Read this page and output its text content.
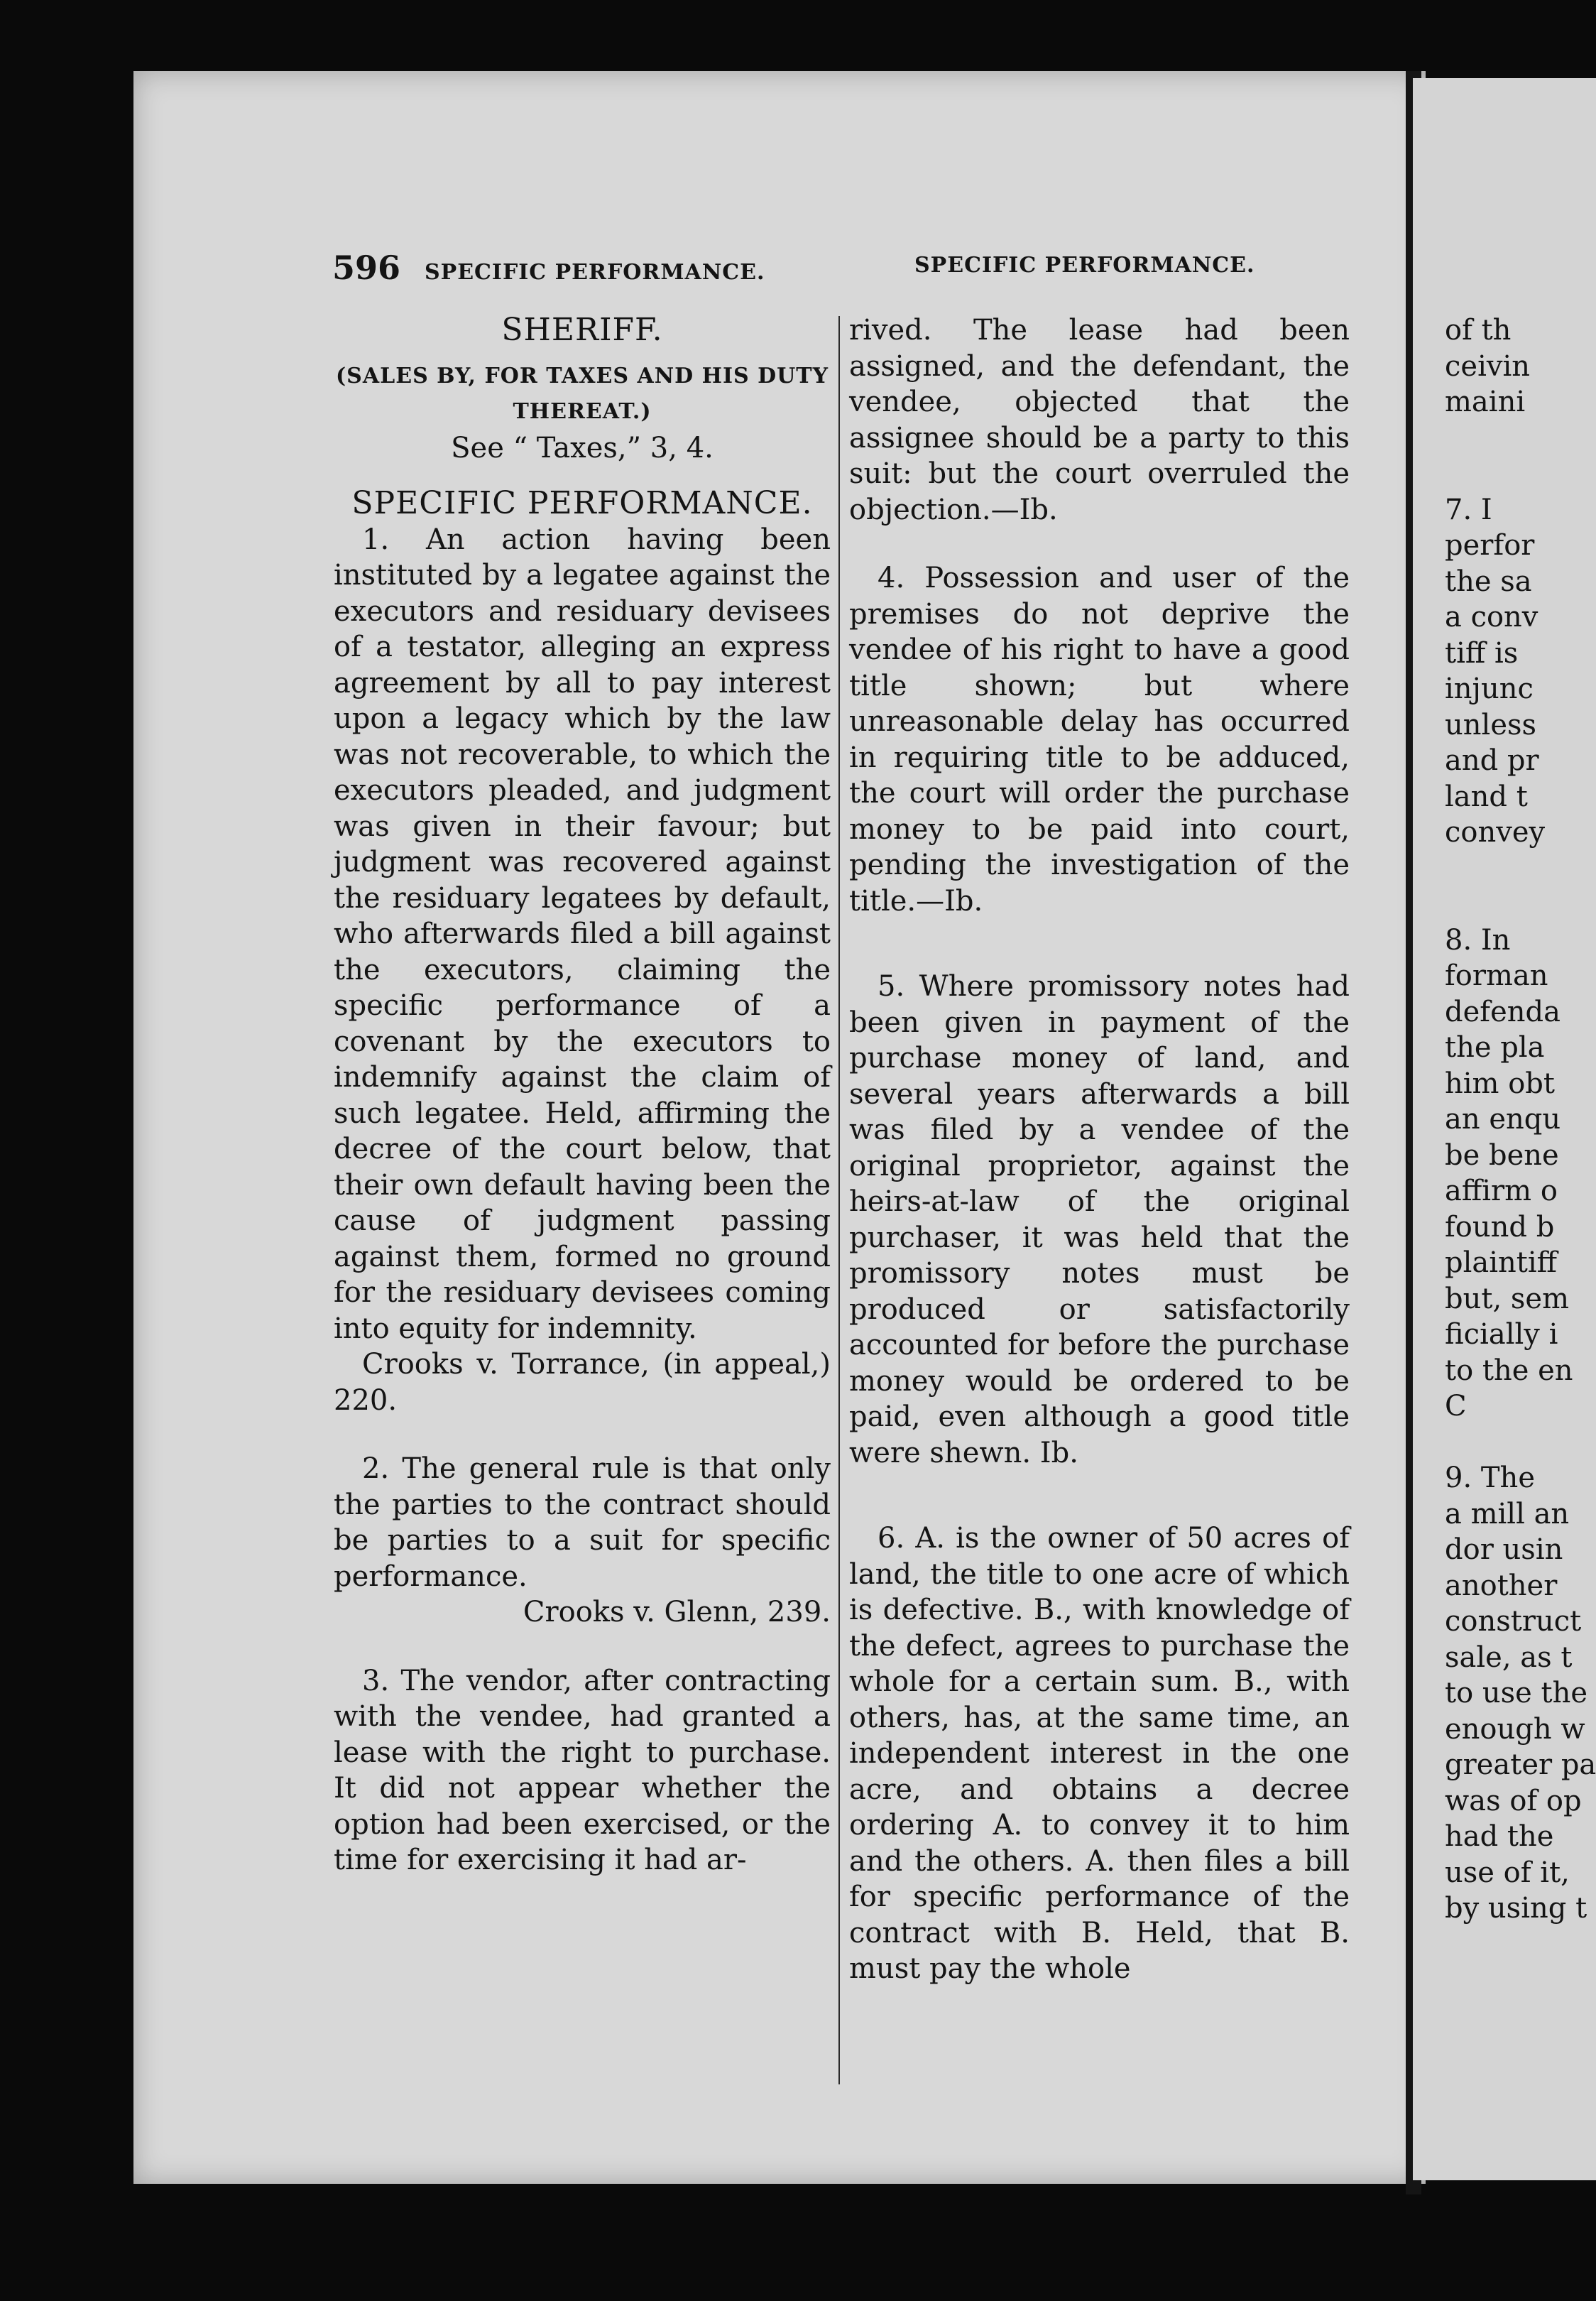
596 SPECIFIC PERFORMANCE.	SPECIFIC PERFORMANCE.

SHERIFF.

(SALES BY, FOR TAXES AND HIS DUTY THEREAT.)

See “ Taxes,” 3, 4.

SPECIFIC PERFORMANCE.

1. An action having been instituted by a legatee against the executors and residuary devisees of a testator, alleging an express agreement by all to pay interest upon a legacy which by the law was not recoverable, to which the executors pleaded, and judgment was given in their favour; but judgment was recovered against the residuary legatees by default, who afterwards filed a bill against the executors, claiming the specific performance of a covenant by the executors to indemnify against the claim of such legatee. Held, affirming the decree of the court below, that their own default having been the cause of judgment passing against them, formed no ground for the residuary devisees coming into equity for indemnity.

Crooks v. Torrance, (in appeal,) 220.

2. The general rule is that only the parties to the contract should be parties to a suit for specific performance.

Crooks v. Glenn, 239.

3. The vendor, after contracting with the vendee, had granted a lease with the right to purchase. It did not appear whether the option had been exercised, or the time for exercising it had ar-

rived. The lease had been assigned, and the defendant, the vendee, objected that the assignee should be a party to this suit: but the court overruled the objection.—Ib.

4. Possession and user of the premises do not deprive the vendee of his right to have a good title shown; but where unreasonable delay has occurred in requiring title to be adduced, the court will order the purchase money to be paid into court, pending the investigation of the title.—Ib.

5. Where promissory notes had been given in payment of the purchase money of land, and several years afterwards a bill was filed by a vendee of the original proprietor, against the heirs-at-law of the original purchaser, it was held that the promissory notes must be produced or satisfactorily accounted for before the purchase money would be ordered to be paid, even although a good title were shewn. Ib.

6. A. is the owner of 50 acres of land, the title to one acre of which is defective. B., with knowledge of the defect, agrees to purchase the whole for a certain sum. B., with others, has, at the same time, an independent interest in the one acre, and obtains a decree ordering A. to convey it to him and the others. A. then files a bill for specific performance of the contract with B. Held, that B. must pay the whole

of th
ceivin
maini
7. I
perfor
the sa
a conv
tiff is
injunc
unless
and pr
land t
convey
8. In
forman
defenda
the pla
him obt
an enqu
be bene
affirm o
found b
plaintiff
but, sem
ficially i
to the en
C
9. The
a mill an
dor usin
another
construct
sale, as t
to use the
enough w
greater pa
was of op
had the
use of it,
by using t
